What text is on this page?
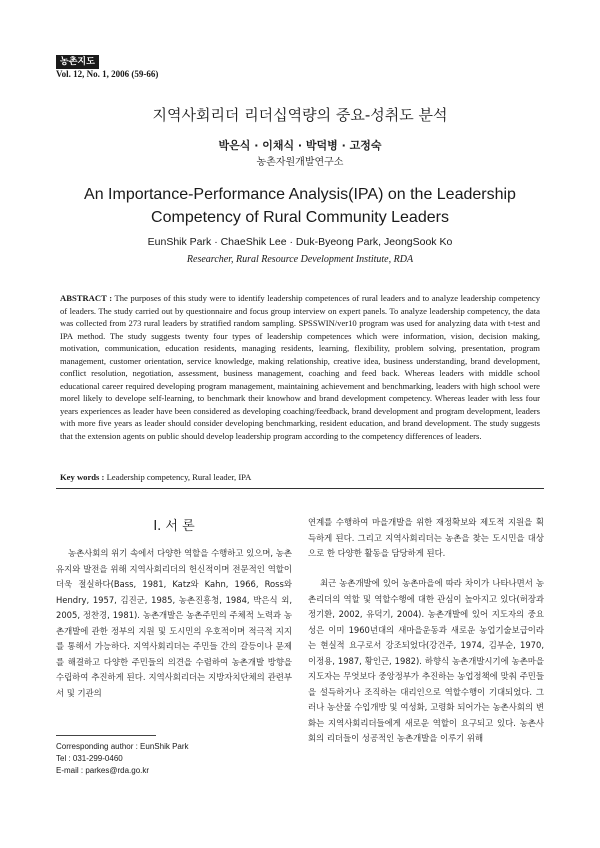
농촌지도
Vol. 12, No. 1, 2006 (59-66)
지역사회리더 리더십역량의 중요-성취도 분석
박은식 · 이채식 · 박덕병 · 고정숙
농촌자원개발연구소
An Importance-Performance Analysis(IPA) on the Leadership Competency of Rural Community Leaders
EunShik Park · ChaeShik Lee · Duk-Byeong Park, JeongSook Ko
Researcher, Rural Resource Development Institute, RDA

ABSTRACT : The purposes of this study were to identify leadership competences of rural leaders and to analyze leadership competency of leaders. The study carried out by questionnaire and focus group interview on expert panels. To analyze leadership competency, the data was collected from 273 rural leaders by stratified random sampling. SPSSWIN/ver10 program was used for analyzing data with t-test and IPA method. The study suggests twenty four types of leadership competences which were information, vision, decision making, motivation, communication, education residents, managing residents, learning, flexibility, problem solving, presentation, program management, customer orientation, service knowledge, making relationship, creative idea, business understanding, brand development, conflict resolution, negotiation, assessment, business management, coaching and feed back. Whereas leaders with middle school educational career required developing program management, maintaining achievement and benchmarking, leaders with high school were morel likely to develope self-learning, to benchmark their knowhow and brand development competency. Whereas leader with less four years experiences as leader have been considered as developing coaching/feedback, brand development and program development, leaders with more five years as leader should consider developing benchmarking, resident education, and brand development. The study suggests that the extension agents on public should develop leadership program according to the competency differences of leaders.

Key words : Leadership competency, Rural leader, IPA

I. 서 론

농촌사회의 위기 속에서 다양한 역할을 수행하고 있으며, 농촌유지와 발전을 위해 지역사회리더의 헌신적이며 전문적인 역할이 더욱 절실하다(Bass, 1981, Katz와 Kahn, 1966, Ross와 Hendry, 1957, 김진군, 1985, 농촌진흥청, 1984, 박은식 외, 2005, 정찬경, 1981). 농촌개발은 농촌주민의 주체적 노력과 농촌개발에 관한 정부의 지원 및 도시민의 우호적이며 적극적 지지를 통해서 가능하다. 지역사회리더는 주민들 간의 갈등이나 문제를 해결하고 다양한 주민들의 의견을 수렴하여 농촌개발 방향을 수립하여 추진하게 된다. 지역사회리더는 지방자치단체의 관련부서 및 기관의

연계를 수행하여 마을개발을 위한 재정확보와 제도적 지원을 획득하게 된다. 그리고 지역사회리더는 농촌을 찾는 도시민을 대상으로 한 다양한 활동을 담당하게 된다.

최근 농촌개발에 있어 농촌마을에 따라 차이가 나타나면서 농촌리더의 역할 및 역할수행에 대한 관심이 높아지고 있다(허장과 정기환, 2002, 유덕기, 2004). 농촌개발에 있어 지도자의 중요성은 이미 1960년대의 새마을운동과 새로운 농업기술보급이라는 현실적 요구로서 강조되었다(강건주, 1974, 김부순, 1970, 이정용, 1987, 황인근, 1982). 하향식 농촌개발시기에 농촌마을 지도자는 무엇보다 중앙정부가 추진하는 농업정책에 맞춰 주민들을 설득하거나 조직하는 대리인으로 역할수행이 기대되었다. 그러나 농산물 수입개방 및 여성화, 고령화 되어가는 농촌사회의 변화는 지역사회리더들에게 새로운 역할이 요구되고 있다. 농촌사회의 리더들이 성공적인 농촌개발을 이루기 위해

Corresponding author : EunShik Park
Tel : 031-299-0460
E-mail : parkes@rda.go.kr
